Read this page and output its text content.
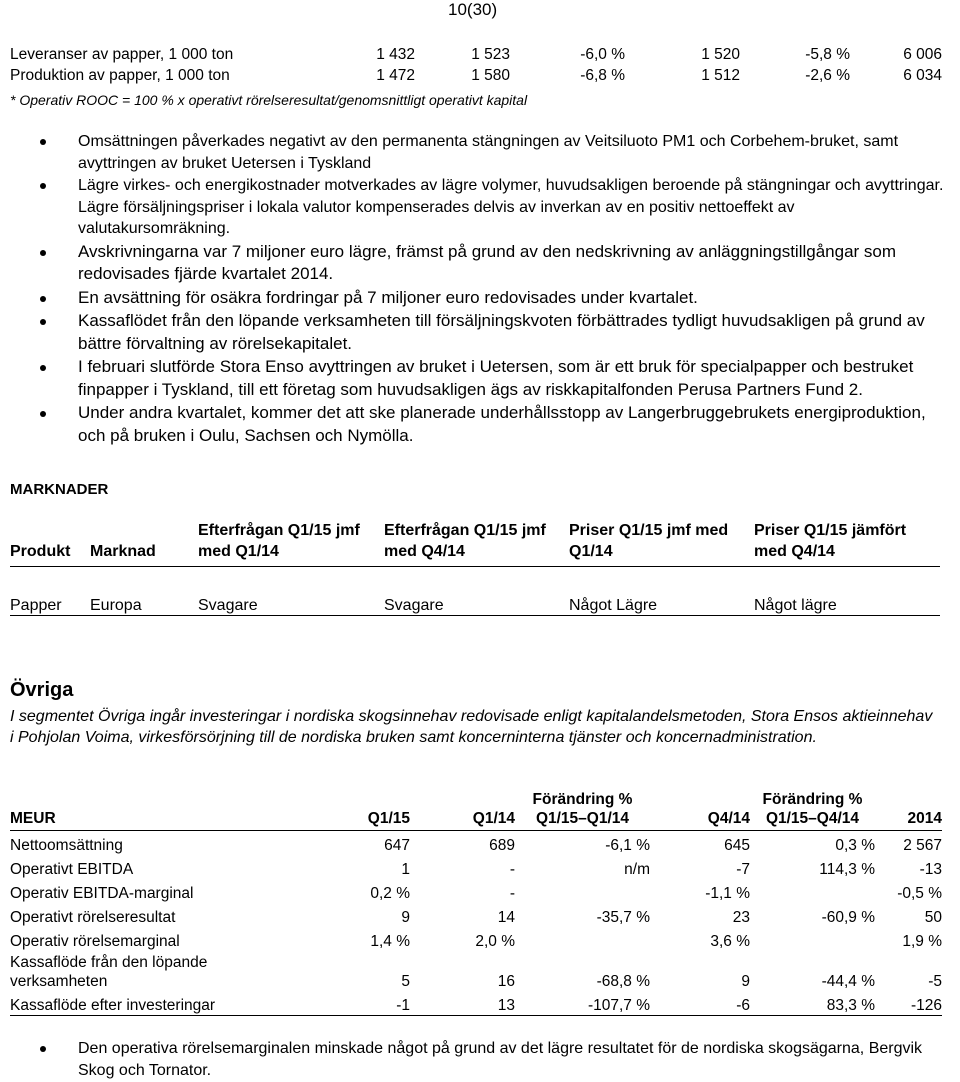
10(30)
Leveranser av papper, 1 000 ton	1 432	1 523	-6,0 %	1 520	-5,8 %	6 006
Produktion av papper, 1 000 ton	1 472	1 580	-6,8 %	1 512	-2,6 %	6 034
* Operativ ROOC = 100 % x operativt rörelseresultat/genomsnittligt operativt kapital
Omsättningen påverkades negativt av den permanenta stängningen av Veitsiluoto PM1 och Corbehem-bruket, samt avyttringen av bruket Uetersen i Tyskland
Lägre virkes- och energikostnader motverkades av lägre volymer, huvudsakligen beroende på stängningar och avyttringar. Lägre försäljningspriser i lokala valutor kompenserades delvis av inverkan av en positiv nettoeffekt av valutakursomräkning.
Avskrivningarna var 7 miljoner euro lägre, främst på grund av den nedskrivning av anläggningstillgångar som redovisades fjärde kvartalet 2014.
En avsättning för osäkra fordringar på 7 miljoner euro redovisades under kvartalet.
Kassaflödet från den löpande verksamheten till försäljningskvoten förbättrades tydligt huvudsakligen på grund av bättre förvaltning av rörelsekapitalet.
I februari slutförde Stora Enso avyttringen av bruket i Uetersen, som är ett bruk för specialpapper och bestruket finpapper i Tyskland, till ett företag som huvudsakligen ägs av riskkapitalfonden Perusa Partners Fund 2.
Under andra kvartalet, kommer det att ske planerade underhållsstopp av Langerbruggebrukets energiproduktion, och på bruken i Oulu, Sachsen och Nymölla.
MARKNADER
Produkt	Marknad	Efterfrågan Q1/15 jmf med Q1/14	Efterfrågan Q1/15 jmf med Q4/14	Priser Q1/15 jmf med Q1/14	Priser Q1/15 jämfört med Q4/14
Papper	Europa	Svagare	Svagare	Något Lägre	Något lägre
Övriga

I segmentet Övriga ingår investeringar i nordiska skogsinnehav redovisade enligt kapitalandelsmetoden, Stora Ensos aktieinnehav i Pohjolan Voima, virkesförsörjning till de nordiska bruken samt koncerninterna tjänster och koncernadministration.

MEUR	Q1/15	Q1/14	Förändring % Q1/15–Q1/14	Q4/14	Förändring % Q1/15–Q4/14	2014
Nettoomsättning	647	689	-6,1 %	645	0,3 %	2 567
Operativt EBITDA	1	-	n/m	-7	114,3 %	-13
Operativ EBITDA-marginal	0,2 %	-		-1,1 %		-0,5 %
Operativt rörelseresultat	9	14	-35,7 %	23	-60,9 %	50
Operativ rörelsemarginal	1,4 %	2,0 %		3,6 %		1,9 %
Kassaflöde från den löpande verksamheten	5	16	-68,8 %	9	-44,4 %	-5
Kassaflöde efter investeringar	-1	13	-107,7 %	-6	83,3 %	-126
Den operativa rörelsemarginalen minskade något på grund av det lägre resultatet för de nordiska skogsägarna, Bergvik Skog och Tornator.
